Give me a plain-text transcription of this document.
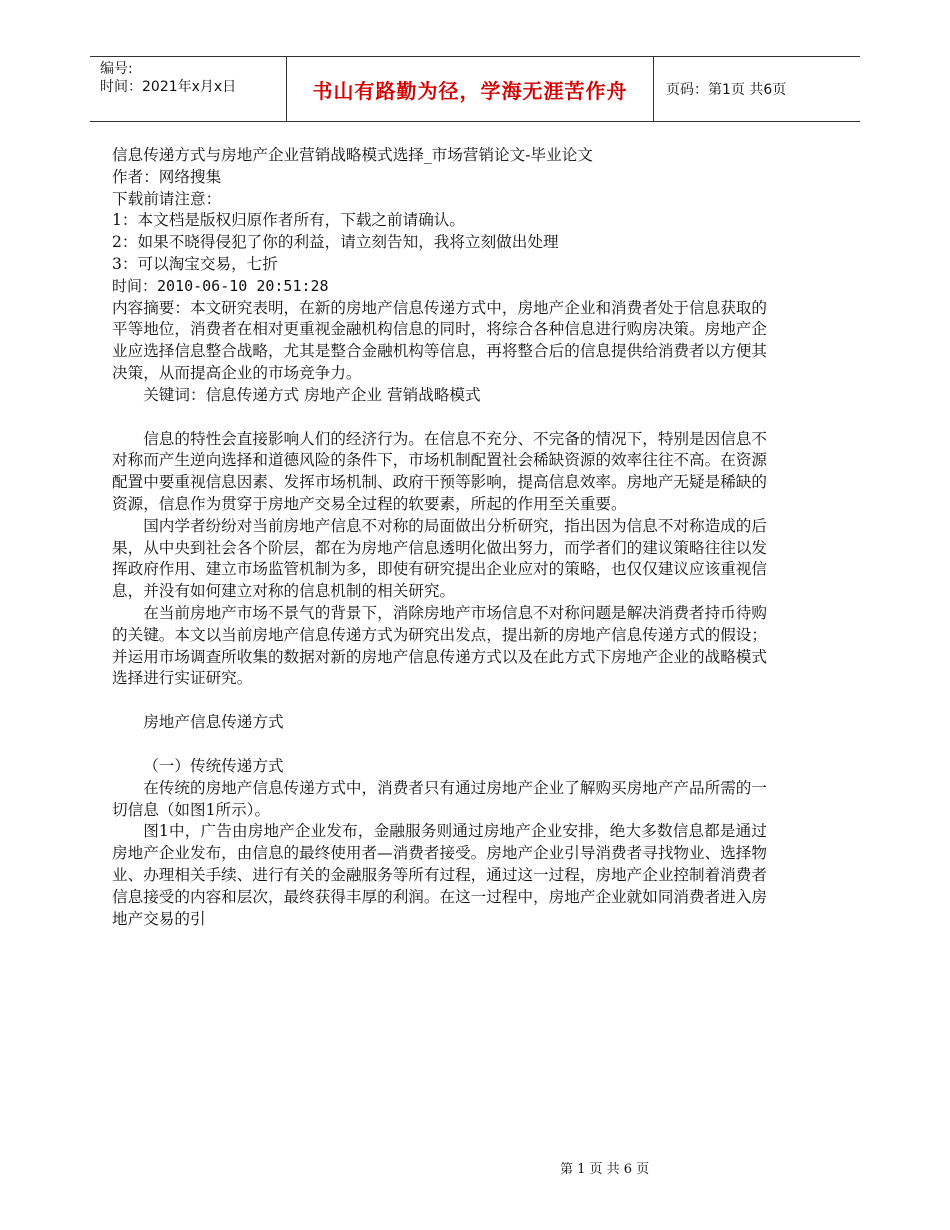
编号:
时间：2021年x月x日	书山有路勤为径，学海无涯苦作舟	页码：第1页 共6页

信息传递方式与房地产企业营销战略模式选择_市场营销论文-毕业论文

作者：网络搜集

下载前请注意：

1：本文档是版权归原作者所有，下载之前请确认。

2：如果不晓得侵犯了你的利益，请立刻告知，我将立刻做出处理

3：可以淘宝交易，七折

时间：2010-06-10 20:51:28

内容摘要：本文研究表明，在新的房地产信息传递方式中，房地产企业和消费者处于信息获取的平等地位，消费者在相对更重视金融机构信息的同时，将综合各种信息进行购房决策。房地产企业应选择信息整合战略，尤其是整合金融机构等信息，再将整合后的信息提供给消费者以方便其决策，从而提高企业的市场竞争力。

关键词：信息传递方式 房地产企业 营销战略模式

信息的特性会直接影响人们的经济行为。在信息不充分、不完备的情况下，特别是因信息不对称而产生逆向选择和道德风险的条件下，市场机制配置社会稀缺资源的效率往往不高。在资源配置中要重视信息因素、发挥市场机制、政府干预等影响，提高信息效率。房地产无疑是稀缺的资源，信息作为贯穿于房地产交易全过程的软要素，所起的作用至关重要。

国内学者纷纷对当前房地产信息不对称的局面做出分析研究，指出因为信息不对称造成的后果，从中央到社会各个阶层，都在为房地产信息透明化做出努力，而学者们的建议策略往往以发挥政府作用、建立市场监管机制为多，即使有研究提出企业应对的策略，也仅仅建议应该重视信息，并没有如何建立对称的信息机制的相关研究。

在当前房地产市场不景气的背景下，消除房地产市场信息不对称问题是解决消费者持币待购的关键。本文以当前房地产信息传递方式为研究出发点，提出新的房地产信息传递方式的假设；并运用市场调查所收集的数据对新的房地产信息传递方式以及在此方式下房地产企业的战略模式选择进行实证研究。

房地产信息传递方式

（一）传统传递方式

在传统的房地产信息传递方式中，消费者只有通过房地产企业了解购买房地产产品所需的一切信息（如图1所示）。

图1中，广告由房地产企业发布，金融服务则通过房地产企业安排，绝大多数信息都是通过房地产企业发布，由信息的最终使用者—消费者接受。房地产企业引导消费者寻找物业、选择物业、办理相关手续、进行有关的金融服务等所有过程，通过这一过程，房地产企业控制着消费者信息接受的内容和层次，最终获得丰厚的利润。在这一过程中，房地产企业就如同消费者进入房地产交易的引

第 1 页 共 6 页
